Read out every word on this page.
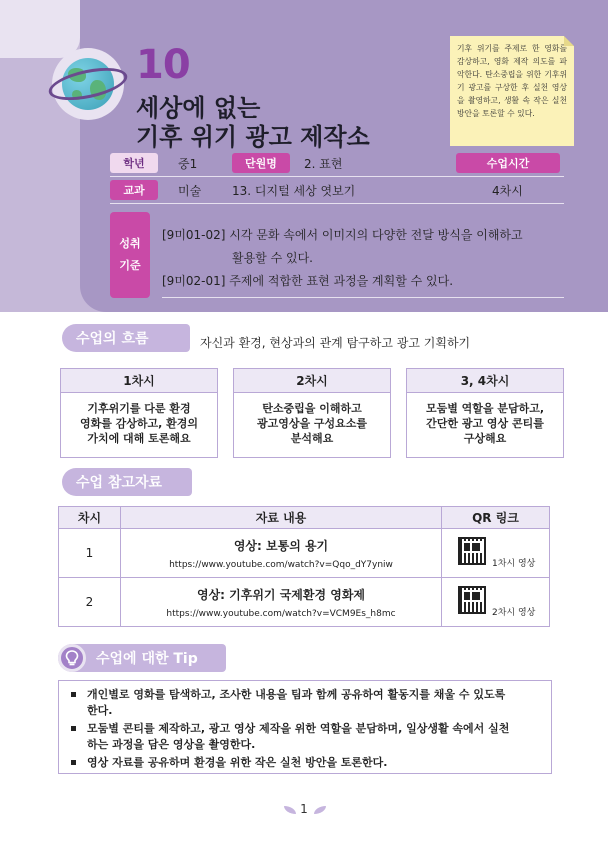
10
세상에 없는
기후 위기 광고 제작소
기후 위기를 주제로 한 영화를 감상하고, 영화 제작 의도를 파악한다. 탄소중립을 위한 기후위기 광고를 구상한 후 실천 영상을 촬영하고, 생활 속 작은 실천 방안을 토론할 수 있다.
학년	중1	단원명	2. 표현	수업시간
교과	미술	13. 디지털 세상 엿보기	4차시
성취
기준
[9미01-02] 시각 문화 속에서 이미지의 다양한 전달 방식을 이해하고
활용할 수 있다.
[9미02-01] 주제에 적합한 표현 과정을 계획할 수 있다.
수업의 흐름	자신과 환경, 현상과의 관계 탐구하고 광고 기획하기
1차시
기후위기를 다룬 환경
영화를 감상하고, 환경의
가치에 대해 토론해요
2차시
탄소중립을 이해하고
광고영상을 구성요소를
분석해요
3, 4차시
모둠별 역할을 분담하고,
간단한 광고 영상 콘티를
구상해요
수업 참고자료
차시	자료 내용	QR 링크
1	영상: 보통의 용기
https://www.youtube.com/watch?v=Qqo_dY7yniw	1차시 영상

2	영상: 기후위기 국제환경 영화제
https://www.youtube.com/watch?v=VCM9Es_h8mc	2차시 영상
수업에 대한 Tip
개인별로 영화를 탐색하고, 조사한 내용을 팀과 함께 공유하여 활동지를 채울 수 있도록
한다.
모둠별 콘티를 제작하고, 광고 영상 제작을 위한 역할을 분담하며, 일상생활 속에서 실천
하는 과정을 담은 영상을 촬영한다.
영상 자료를 공유하며 환경을 위한 작은 실천 방안을 토론한다.
1
